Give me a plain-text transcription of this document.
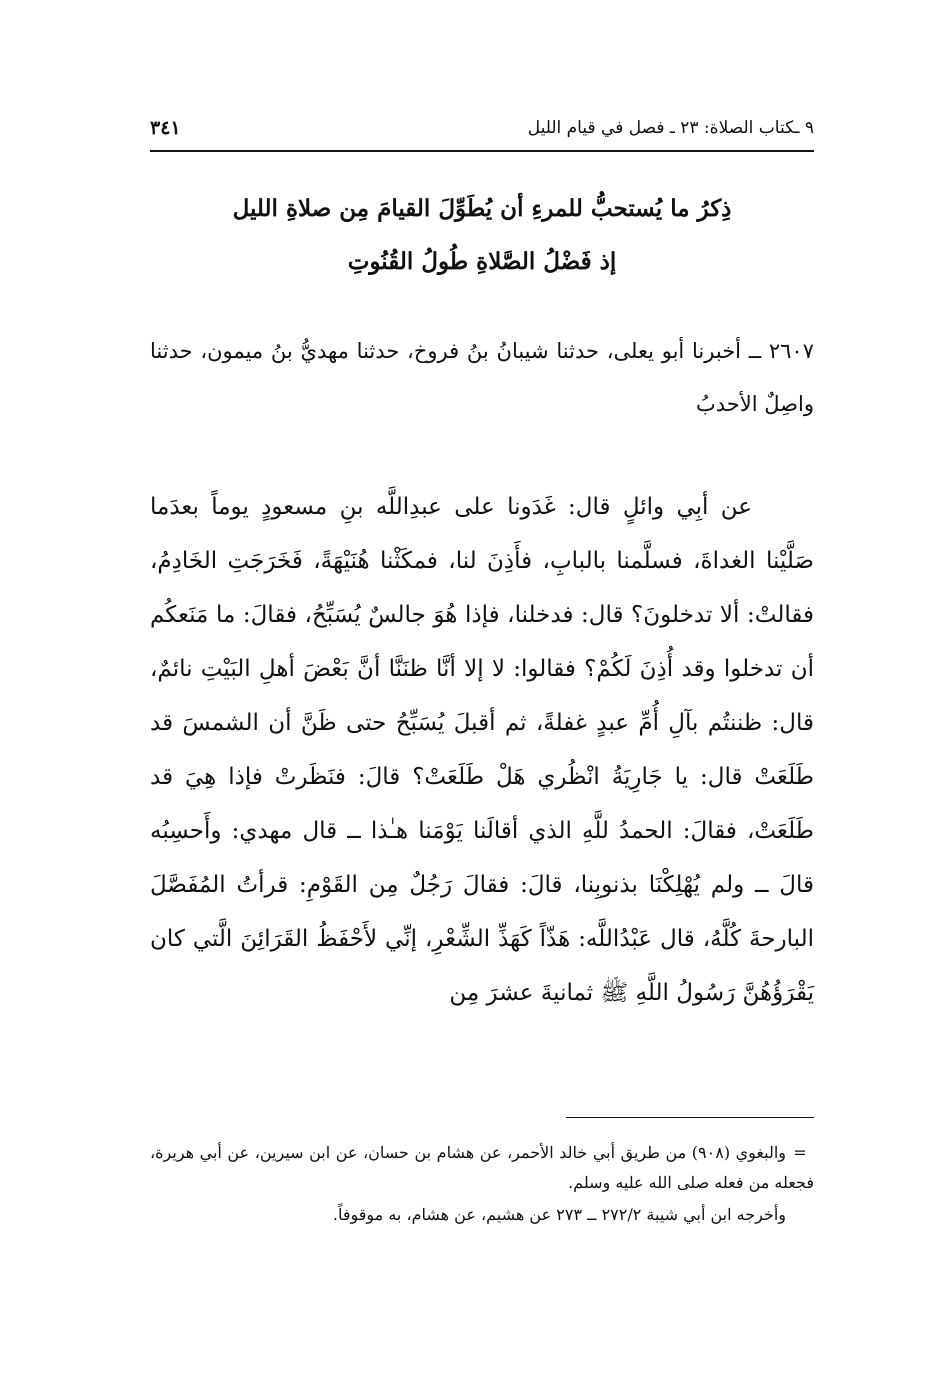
٩ ـكتاب الصلاة: ٢٣ ـ فصل في قيام الليل
٣٤١
ذِكرُ ما يُستحبُّ للمرءِ أن يُطَوِّلَ القيامَ مِن صلاةِ الليل
إذ فَضْلُ الصَّلاةِ طُولُ القُنُوتِ
٢٦٠٧ ــ أخبرنا أبو يعلى، حدثنا شيبانُ بنُ فروخ، حدثنا مهديُّ بنُ ميمون، حدثنا واصِلٌ الأحدبُ

عن أبِي وائلٍ قال: غَدَونا على عبدِاللَّه بنِ مسعودٍ يوماً بعدَما صَلَّيْنا الغداةَ، فسلَّمنا بالبابِ، فأَذِنَ لنا، فمكَثْنا هُنَيْهَةً، فَخَرَجَتِ الخَادِمُ، فقالتْ: ألا تدخلونَ؟ قال: فدخلنا، فإذا هُوَ جالسٌ يُسَبِّحُ، فقالَ: ما مَنَعكُم أن تدخلوا وقد أُذِنَ لَكُمْ؟ فقالوا: لا إلا أنَّا ظنَنَّا أنَّ بَعْضَ أهلِ البَيْتِ نائمٌ، قال: ظننتُم بآلِ أُمِّ عبدٍ غفلةً، ثم أقبلَ يُسَبِّحُ حتى ظَنَّ أن الشمسَ قد طَلَعَتْ قال: يا جَارِيَةُ انْظُري هَلْ طَلَعَتْ؟ قالَ: فنَظَرتْ فإذا هِيَ قد طَلَعَتْ، فقالَ: الحمدُ للَّهِ الذي أقالَنا يَوْمَنا هـٰذا ــ قال مهدي: وأَحسِبُه قالَ ــ ولم يُهْلِكْنَا بذنوبِنا، قالَ: فقالَ رَجُلٌ مِن القَوْمِ: قرأتُ المُفَصَّلَ البارحةَ كُلَّهُ، قال عَبْدُاللَّه: هَذّاً كَهَذِّ الشِّعْرِ، إنِّي لأَحْفَظُ القَرَائِنَ الَّتي كان يَقْرَؤُهُنَّ رَسُولُ اللَّهِ ﷺ ثمانيةَ عشرَ مِن

=والبغوي (٩٠٨) من طريق أبي خالد الأحمر، عن هشام بن حسان، عن ابن سيرين، عن أبي هريرة، فجعله من فعله صلى الله عليه وسلم.

وأخرجه ابن أبي شيبة ٢٧٢/٢ ــ ٢٧٣ عن هشيم، عن هشام، به موقوفاً.
